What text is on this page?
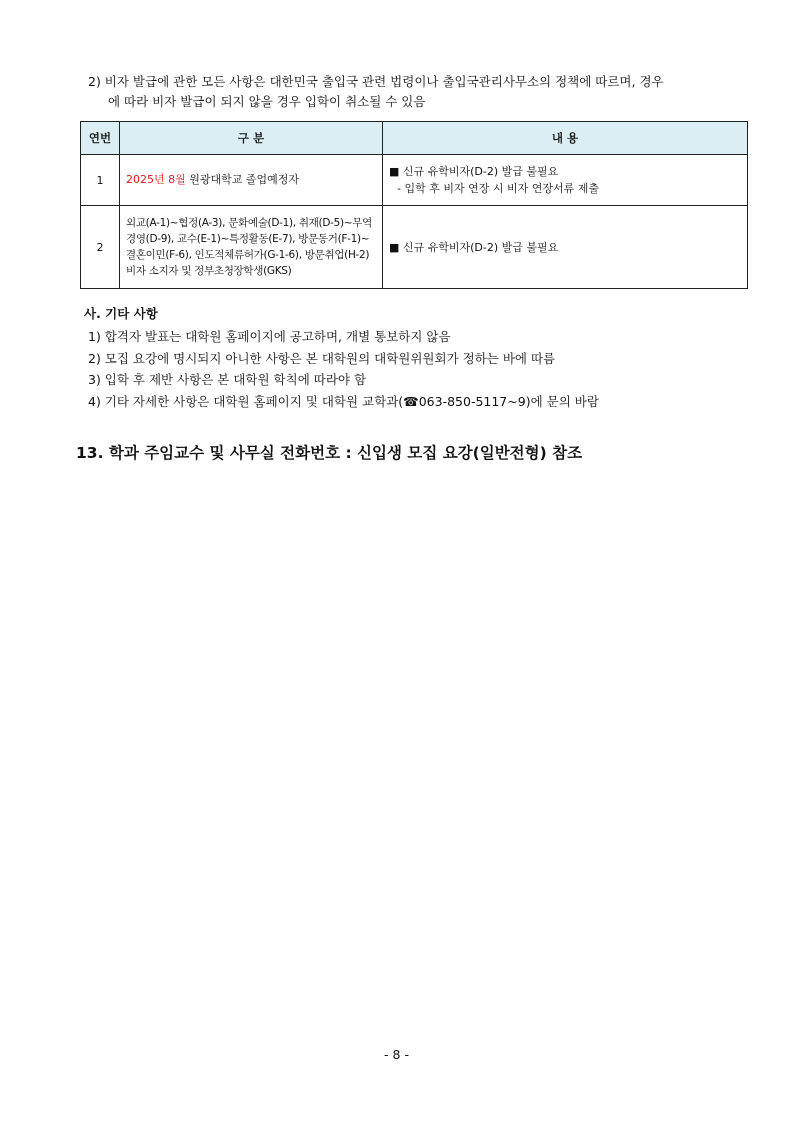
2) 비자 발급에 관한 모든 사항은 대한민국 출입국 관련 법령이나 출입국관리사무소의 정책에 따르며, 경우
에 따라 비자 발급이 되지 않을 경우 입학이 취소될 수 있음
연번	구 분	내 용
1	2025년 8월 원광대학교 졸업예정자	■ 신규 유학비자(D-2) 발급 불필요
- 입학 후 비자 연장 시 비자 연장서류 제출

2	외교(A-1)~협정(A-3), 문화예술(D-1), 취재(D-5)~무역경영(D-9), 교수(E-1)~특정활동(E-7), 방문동거(F-1)~결혼이민(F-6), 인도적체류허가(G-1-6), 방문취업(H-2) 비자 소지자 및 정부초청장학생(GKS)	■ 신규 유학비자(D-2) 발급 불필요
사. 기타 사항
1) 합격자 발표는 대학원 홈페이지에 공고하며, 개별 통보하지 않음
2) 모집 요강에 명시되지 아니한 사항은 본 대학원의 대학원위원회가 정하는 바에 따름
3) 입학 후 제반 사항은 본 대학원 학칙에 따라야 함
4) 기타 자세한 사항은 대학원 홈페이지 및 대학원 교학과(☎063-850-5117~9)에 문의 바람
13. 학과 주임교수 및 사무실 전화번호 : 신입생 모집 요강(일반전형) 참조
- 8 -
